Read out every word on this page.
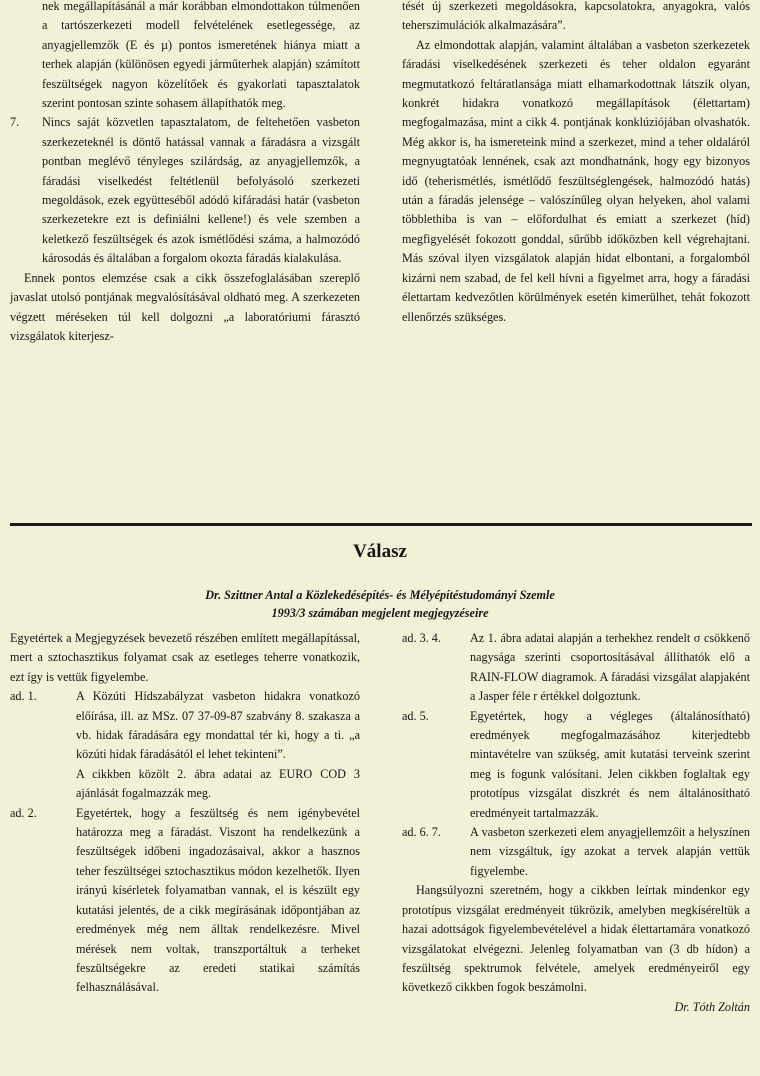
nek megállapításánál a már korábban elmondottakon túlmenően a tartószerkezeti modell felvételének esetlegessége, az anyagjellemzők (E és µ) pontos ismeretének hiánya miatt a terhek alapján (különösen egyedi járműterhek alapján) számított feszültségek nagyon közelítőek és gyakorlati tapasztalatok szerint pontosan szinte sohasem állapíthatók meg.

7.	Nincs saját közvetlen tapasztalatom, de feltehetően vasbeton szerkezeteknél is döntő hatással vannak a fáradásra a vizsgált pontban meglévő tényleges szilárdság, az anyagjellemzők, a fáradási viselkedést feltétlenül befolyásoló szerkezeti megoldások, ezek együtteséből adódó kifáradási határ (vasbeton szerkezetekre ezt is definiálni kellene!) és vele szemben a keletkező feszültségek és azok ismétlődési száma, a halmozódó károsodás és általában a forgalom okozta fáradás kialakulása.

Ennek pontos elemzése csak a cikk összefoglalásában szereplő javaslat utolsó pontjának megvalósításával oldható meg. A szerkezeten végzett méréseken túl kell dolgozni „a laboratóriumi fárasztó vizsgálatok kiterjesz-

tését új szerkezeti megoldásokra, kapcsolatokra, anyagokra, valós teherszimulációk alkalmazására”.

Az elmondottak alapján, valamint általában a vasbeton szerkezetek fáradási viselkedésének szerkezeti és teher oldalon egyaránt megmutatkozó feltáratlansága miatt elhamarkodottnak látszik olyan, konkrét hidakra vonatkozó megállapítások (élettartam) megfogalmazása, mint a cikk 4. pontjának konklúziójában olvashatók. Még akkor is, ha ismereteink mind a szerkezet, mind a teher oldaláról megnyugtatóak lennének, csak azt mondhatnánk, hogy egy bizonyos idő (teherismétlés, ismétlődő feszültséglengések, halmozódó hatás) után a fáradás jelensége – valószínűleg olyan helyeken, ahol valami többlethiba is van – előfordulhat és emiatt a szerkezet (híd) megfigyelését fokozott gonddal, sűrűbb időközben kell végrehajtani. Más szóval ilyen vizsgálatok alapján hidat elbontani, a forgalomból kizárni nem szabad, de fel kell hívni a figyelmet arra, hogy a fáradási élettartam kedvezőtlen körülmények esetén kimerülhet, tehát fokozott ellenőrzés szükséges.

Válasz
Dr. Szittner Antal a Közlekedésépítés- és Mélyépítéstudományi Szemle
1993/3 számában megjelent megjegyzéseire

Egyetértek a Megjegyzések bevezető részében említett megállapítással, mert a sztochasztikus folyamat csak az esetleges teherre vonatkozik, ezt így is vettük figyelembe.

ad. 1.	A Közúti Hídszabályzat vasbeton hidakra vonatkozó előírása, ill. az MSz. 07 37-09-87 szabvány 8. szakasza a vb. hidak fáradására egy mondattal tér ki, hogy a ti. „a közúti hidak fáradásától el lehet tekinteni”.
A cikkben közölt 2. ábra adatai az EURO COD 3 ajánlását fogalmazzák meg.
ad. 2.	Egyetértek, hogy a feszültség és nem igénybevétel határozza meg a fáradást. Viszont ha rendelkezünk a feszültségek időbeni ingadozásaival, akkor a hasznos teher feszültségei sztochasztikus módon kezelhetők. Ilyen irányú kísérletek folyamatban vannak, el is készült egy kutatási jelentés, de a cikk megírásának időpontjában az eredmények még nem álltak rendelkezésre. Mivel mérések nem voltak, transzportáltuk a terheket feszültségekre az eredeti statikai számítás felhasználásával.
ad. 3. 4.	Az 1. ábra adatai alapján a terhekhez rendelt σ csökkenő nagysága szerinti csoportosításával állíthatók elő a RAIN-FLOW diagramok. A fáradási vizsgálat alapjaként a Jasper féle r értékkel dolgoztunk.
ad. 5.	Egyetértek, hogy a végleges (általánosítható) eredmények megfogalmazásához kiterjedtebb mintavételre van szükség, amit kutatási terveink szerint meg is fogunk valósítani. Jelen cikkben foglaltak egy prototípus vizsgálat diszkrét és nem általánosítható eredményeit tartalmazzák.
ad. 6. 7.	A vasbeton szerkezeti elem anyagjellemzőit a helyszínen nem vizsgáltuk, így azokat a tervek alapján vettük figyelembe.

Hangsúlyozni szeretném, hogy a cikkben leírtak mindenkor egy prototípus vizsgálat eredményeit tükrözik, amelyben megkíséreltük a hazai adottságok figyelembevételével a hidak élettartamára vonatkozó vizsgálatokat elvégezni. Jelenleg folyamatban van (3 db hídon) a feszültség spektrumok felvétele, amelyek eredményeiről egy következő cikkben fogok beszámolni.

Dr. Tóth Zoltán
